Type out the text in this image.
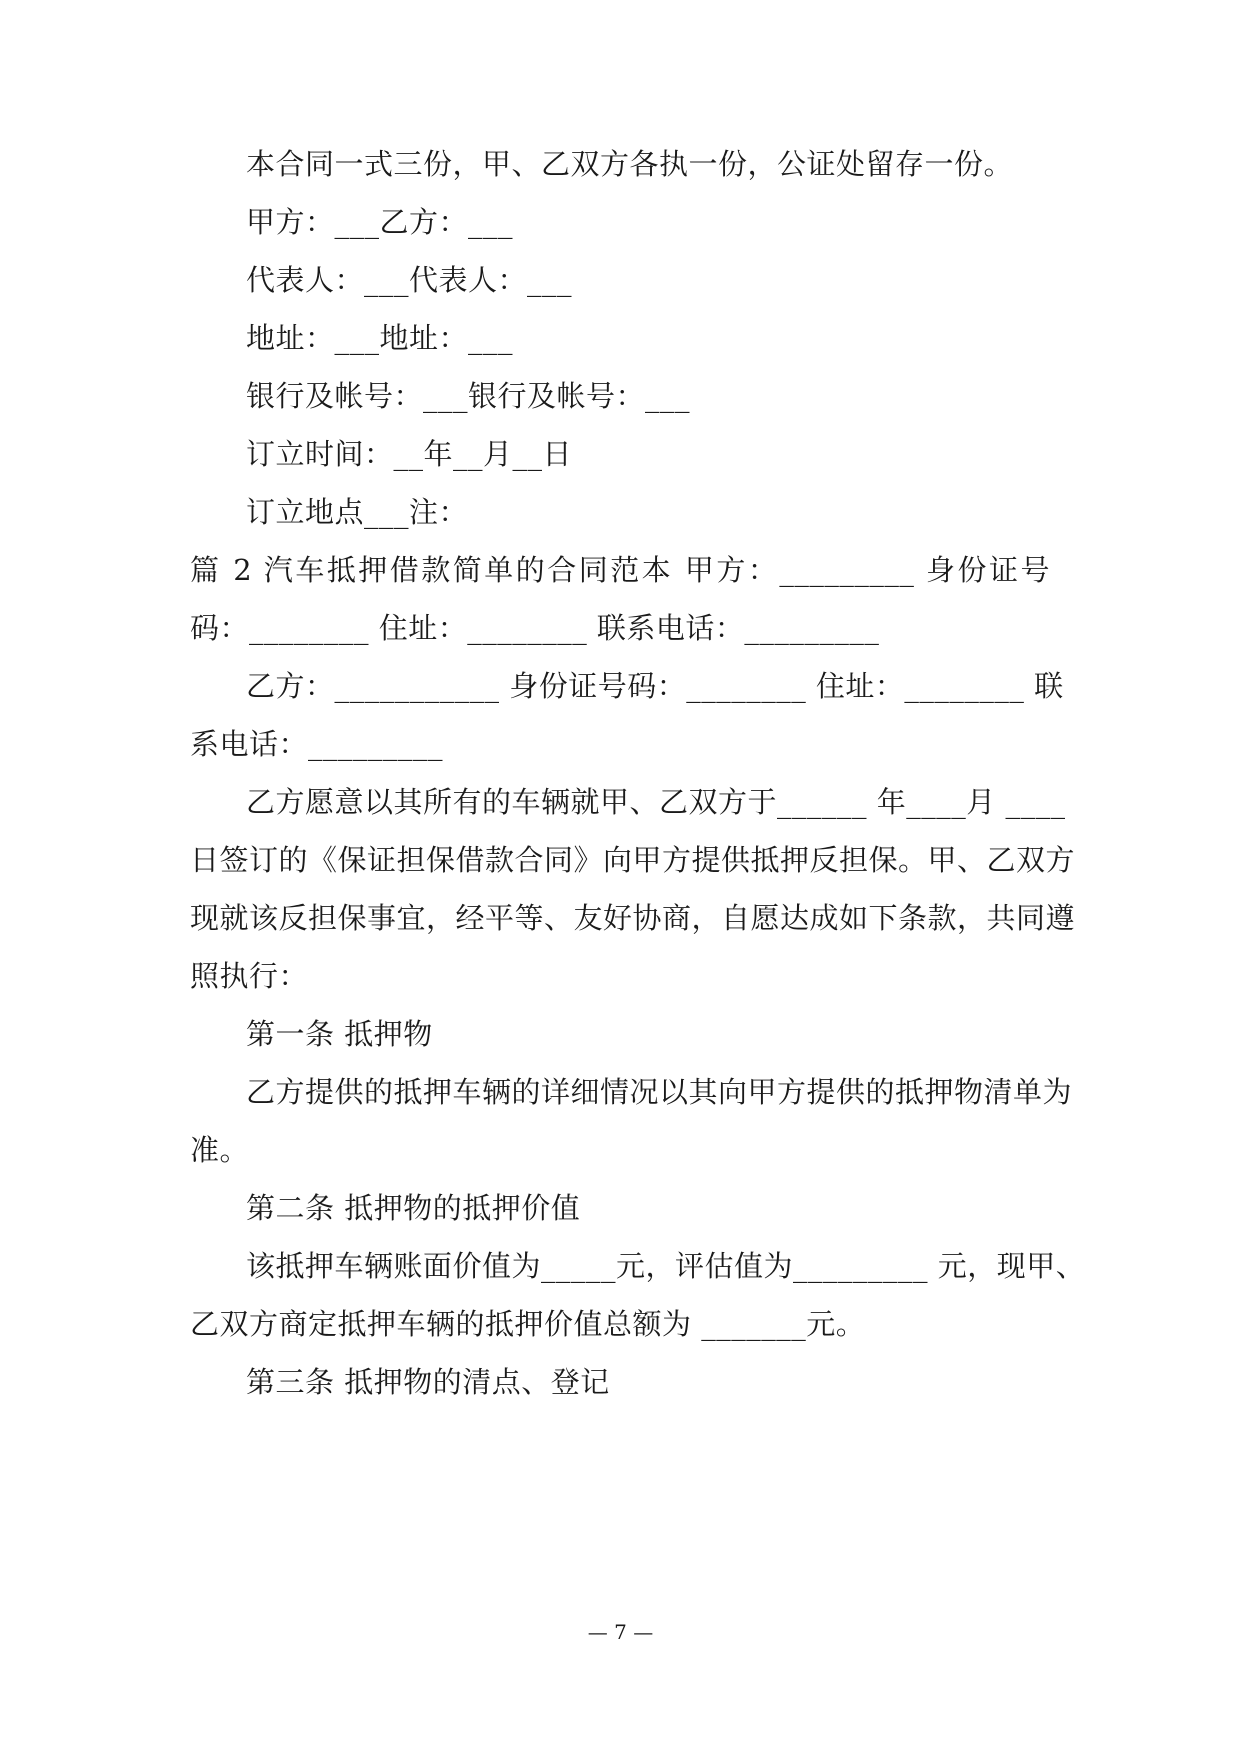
本合同一式三份，甲、乙双方各执一份，公证处留存一份。
甲方：___乙方：___
代表人：___代表人：___
地址：___地址：___
银行及帐号：___银行及帐号：___
订立时间：__年__月__日
订立地点___注：
篇 2 汽车抵押借款简单的合同范本 甲方：_________ 身份证号
码：________ 住址：________ 联系电话：_________
乙方：___________ 身份证号码：________ 住址：________ 联
系电话：_________
乙方愿意以其所有的车辆就甲、乙双方于______ 年____月 ____
日签订的《保证担保借款合同》向甲方提供抵押反担保。甲、乙双方
现就该反担保事宜，经平等、友好协商，自愿达成如下条款，共同遵
照执行：
第一条 抵押物
乙方提供的抵押车辆的详细情况以其向甲方提供的抵押物清单为
准。
第二条 抵押物的抵押价值
该抵押车辆账面价值为_____元，评估值为_________ 元，现甲、
乙双方商定抵押车辆的抵押价值总额为 _______元。
第三条 抵押物的清点、登记
— 7 —
